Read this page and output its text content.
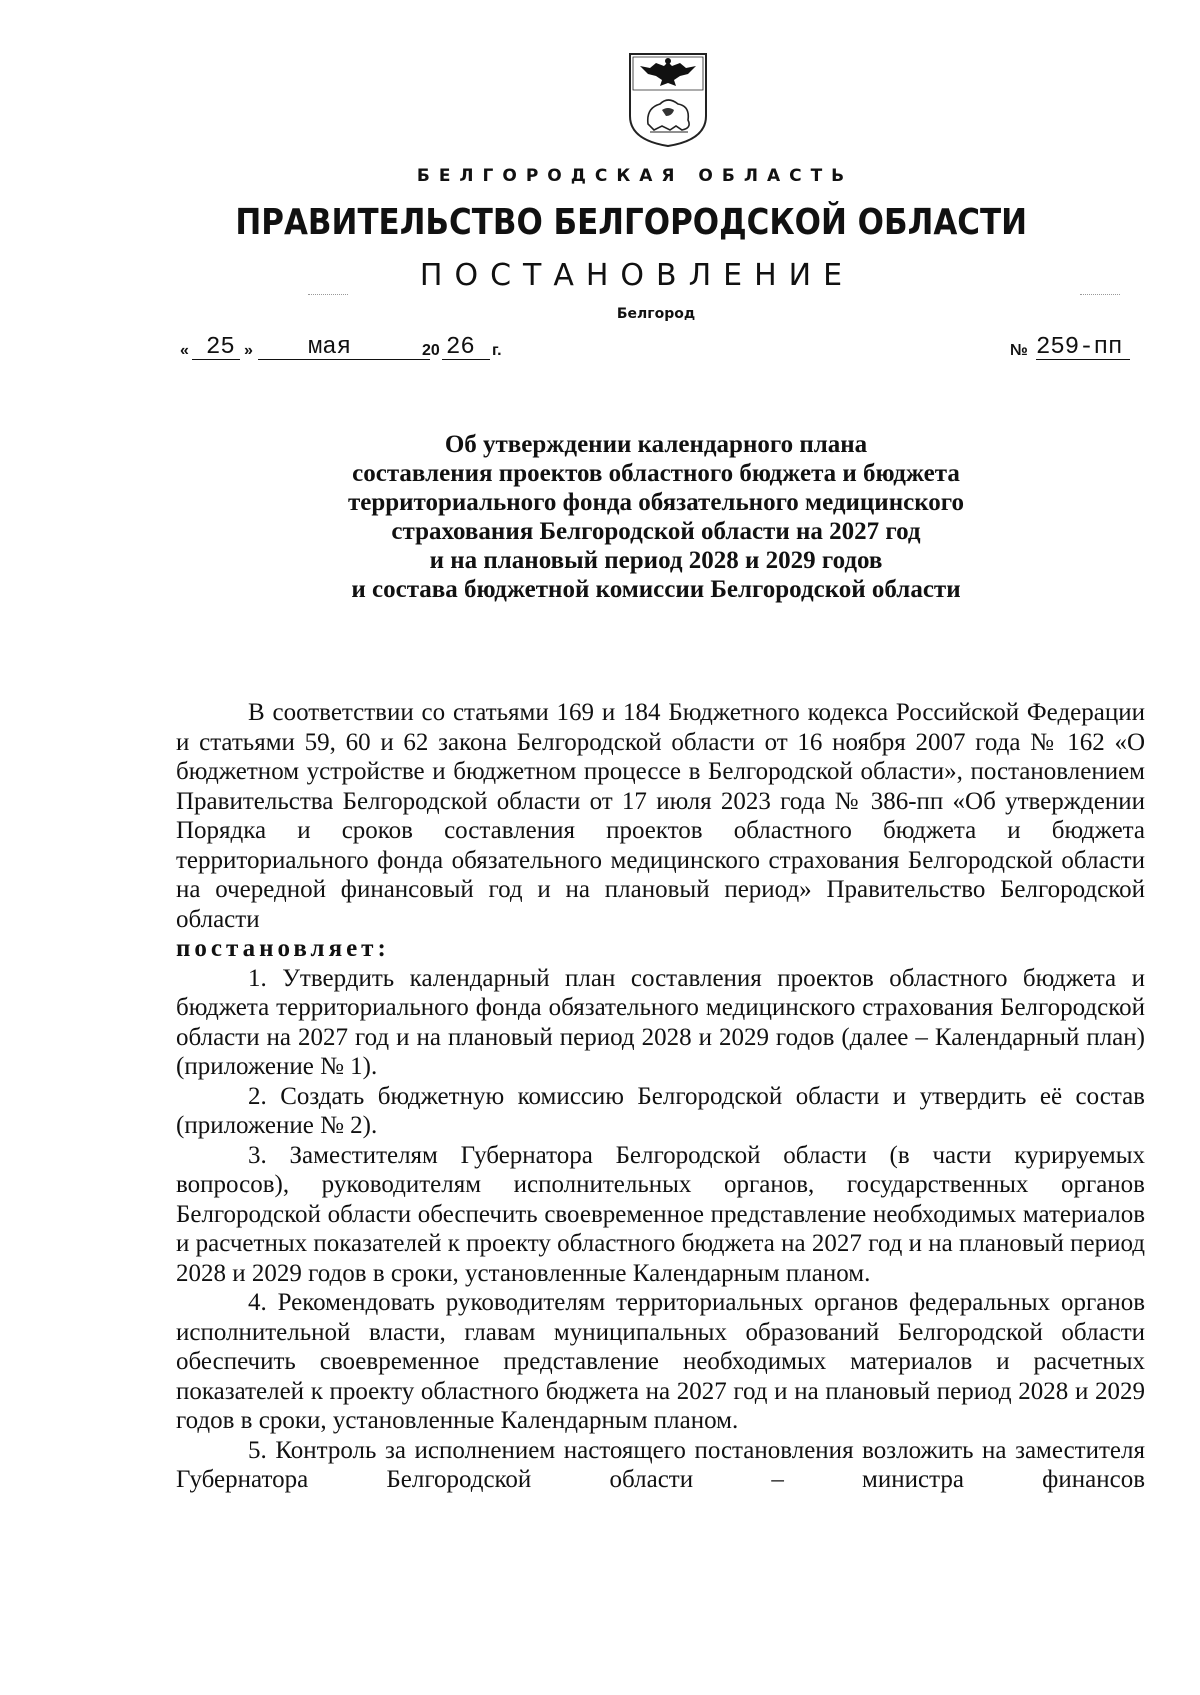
БЕЛГОРОДСКАЯ ОБЛАСТЬ
ПРАВИТЕЛЬСТВО БЕЛГОРОДСКОЙ ОБЛАСТИ
ПОСТАНОВЛЕНИЕ
Белгород
« 25 » мая	20 26 г.	№ 259-пп
Об утверждении календарного плана
составления проектов областного бюджета и бюджета
территориального фонда обязательного медицинского
страхования Белгородской области на 2027 год
и на плановый период 2028 и 2029 годов
и состава бюджетной комиссии Белгородской области

В соответствии со статьями 169 и 184 Бюджетного кодекса Российской Федерации и статьями 59, 60 и 62 закона Белгородской области от 16 ноября 2007 года № 162 «О бюджетном устройстве и бюджетном процессе в Белгородской области», постановлением Правительства Белгородской области от 17 июля 2023 года № 386-пп «Об утверждении Порядка и сроков составления проектов областного бюджета и бюджета территориального фонда обязательного медицинского страхования Белгородской области на очередной финансовый год и на плановый период» Правительство Белгородской области

постановляет:

1. Утвердить календарный план составления проектов областного бюджета и бюджета территориального фонда обязательного медицинского страхования Белгородской области на 2027 год и на плановый период 2028 и 2029 годов (далее – Календарный план) (приложение № 1).

2. Создать бюджетную комиссию Белгородской области и утвердить её состав (приложение № 2).

3. Заместителям Губернатора Белгородской области (в части курируемых вопросов), руководителям исполнительных органов, государственных органов Белгородской области обеспечить своевременное представление необходимых материалов и расчетных показателей к проекту областного бюджета на 2027 год и на плановый период 2028 и 2029 годов в сроки, установленные Календарным планом.

4. Рекомендовать руководителям территориальных органов федеральных органов исполнительной власти, главам муниципальных образований Белгородской области обеспечить своевременное представление необходимых материалов и расчетных показателей к проекту областного бюджета на 2027 год и на плановый период 2028 и 2029 годов в сроки, установленные Календарным планом.

5. Контроль за исполнением настоящего постановления возложить на заместителя Губернатора Белгородской области – министра финансов
